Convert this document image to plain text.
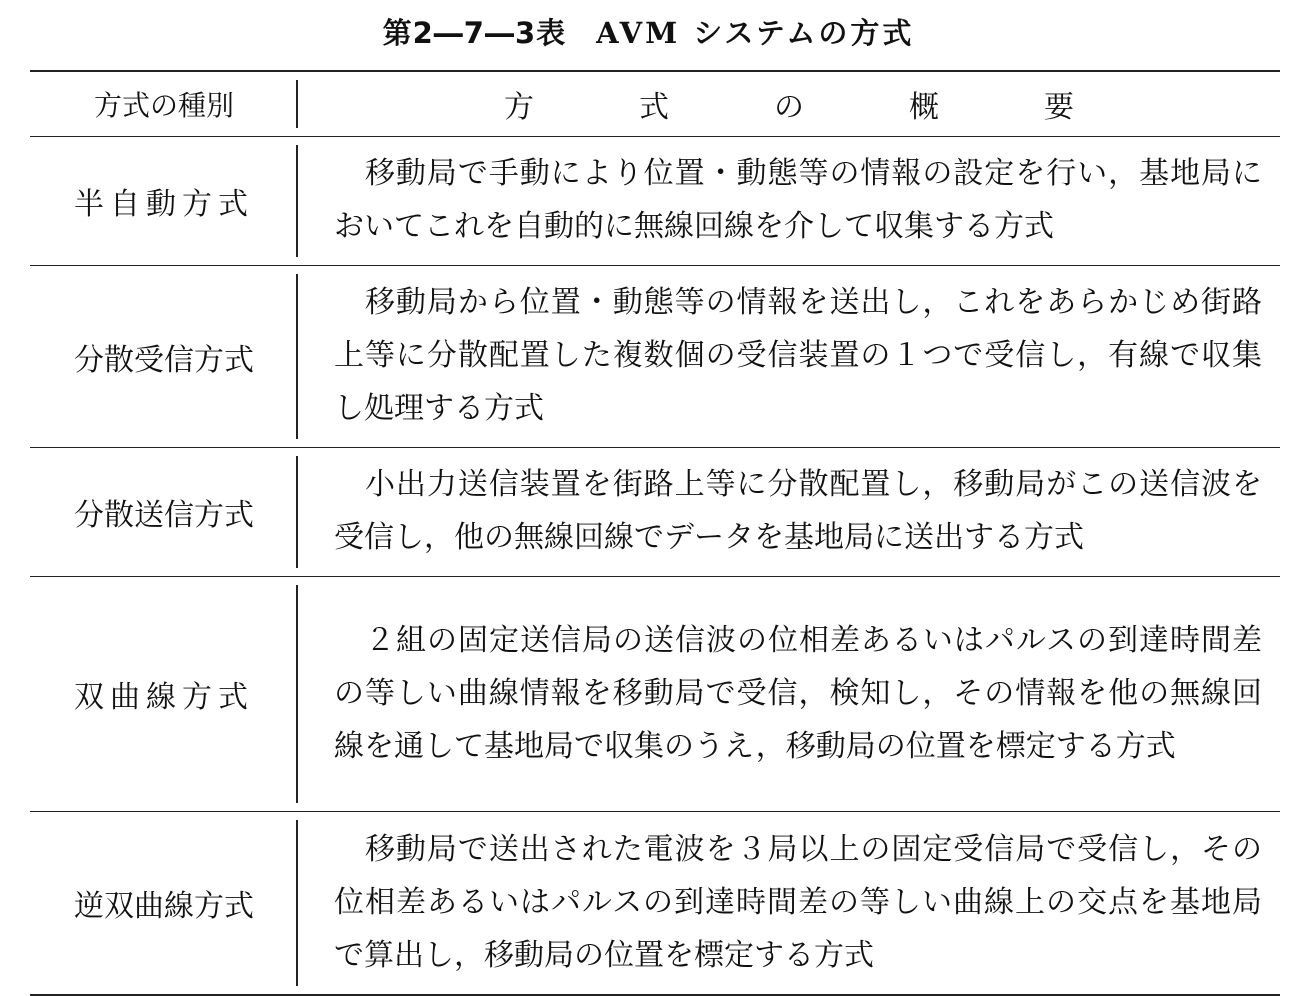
第2―7―3表 AVM システムの方式
方式の種別	方 式 の 概 要
半自動方式	移動局で手動により位置・動態等の情報の設定を行い，基地局においてこれを自動的に無線回線を介して収集する方式
分散受信方式	移動局から位置・動態等の情報を送出し，これをあらかじめ街路上等に分散配置した複数個の受信装置の１つで受信し，有線で収集し処理する方式
分散送信方式	小出力送信装置を街路上等に分散配置し，移動局がこの送信波を受信し，他の無線回線でデータを基地局に送出する方式
双曲線方式	２組の固定送信局の送信波の位相差あるいはパルスの到達時間差の等しい曲線情報を移動局で受信，検知し，その情報を他の無線回線を通して基地局で収集のうえ，移動局の位置を標定する方式
逆双曲線方式	移動局で送出された電波を３局以上の固定受信局で受信し，その位相差あるいはパルスの到達時間差の等しい曲線上の交点を基地局で算出し，移動局の位置を標定する方式
